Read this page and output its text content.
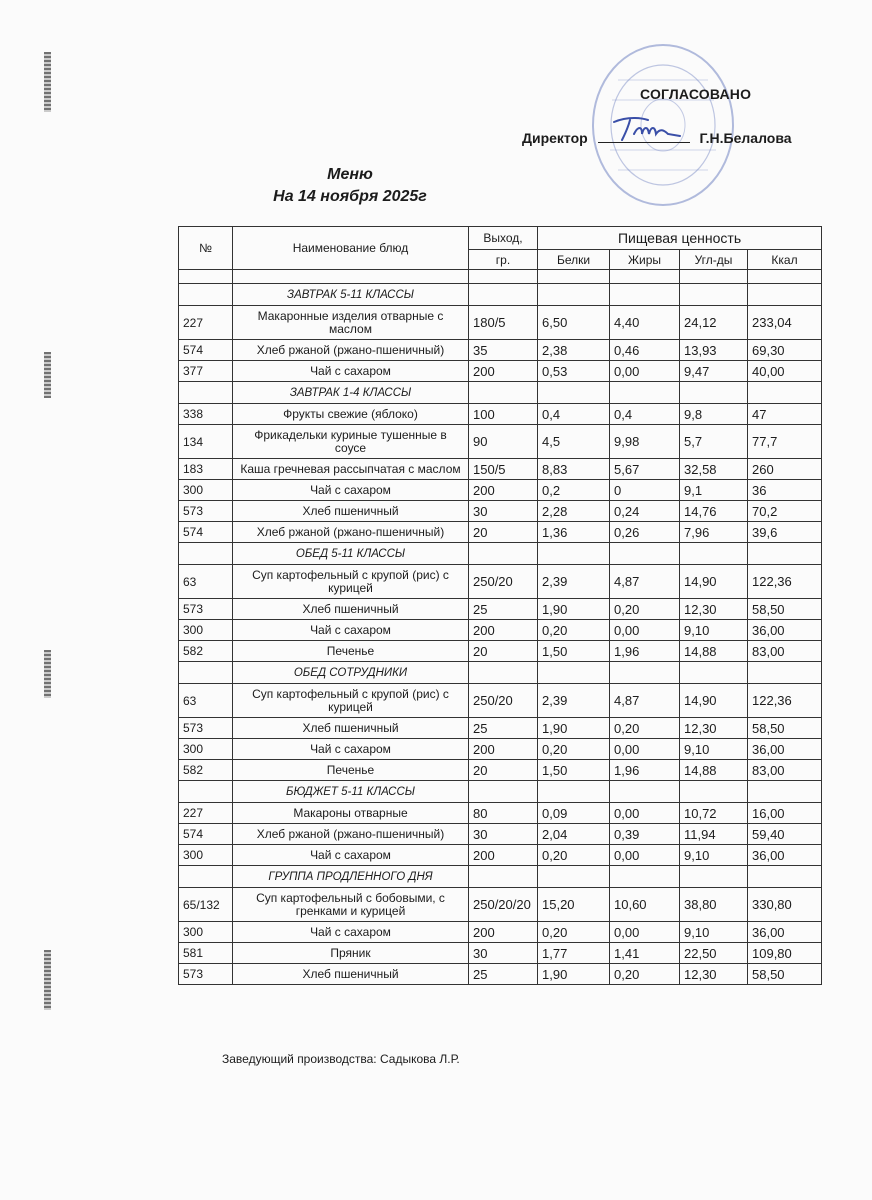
СОГЛАСОВАНО
Директор	Г.Н.Белалова
Меню
На 14 ноября 2025г
№	Наименование блюд	Выход,	Пищевая ценность			
		гр.	Белки	Жиры	Угл-ды	Ккал

	ЗАВТРАК 5-11 КЛАССЫ					
227	Макаронные изделия отварные с маслом	180/5	6,50	4,40	24,12	233,04
574	Хлеб ржаной (ржано-пшеничный)	35	2,38	0,46	13,93	69,30
377	Чай с сахаром	200	0,53	0,00	9,47	40,00
	ЗАВТРАК 1-4 КЛАССЫ					
338	Фрукты свежие (яблоко)	100	0,4	0,4	9,8	47
134	Фрикадельки куриные тушенные в соусе	90	4,5	9,98	5,7	77,7
183	Каша гречневая рассыпчатая с маслом	150/5	8,83	5,67	32,58	260
300	Чай с сахаром	200	0,2	0	9,1	36
573	Хлеб пшеничный	30	2,28	0,24	14,76	70,2
574	Хлеб ржаной (ржано-пшеничный)	20	1,36	0,26	7,96	39,6
	ОБЕД 5-11 КЛАССЫ					
63	Суп картофельный с крупой (рис) с курицей	250/20	2,39	4,87	14,90	122,36
573	Хлеб пшеничный	25	1,90	0,20	12,30	58,50
300	Чай с сахаром	200	0,20	0,00	9,10	36,00
582	Печенье	20	1,50	1,96	14,88	83,00
	ОБЕД СОТРУДНИКИ					
63	Суп картофельный с крупой (рис) с курицей	250/20	2,39	4,87	14,90	122,36
573	Хлеб пшеничный	25	1,90	0,20	12,30	58,50
300	Чай с сахаром	200	0,20	0,00	9,10	36,00
582	Печенье	20	1,50	1,96	14,88	83,00
	БЮДЖЕТ 5-11 КЛАССЫ					
227	Макароны отварные	80	0,09	0,00	10,72	16,00
574	Хлеб ржаной (ржано-пшеничный)	30	2,04	0,39	11,94	59,40
300	Чай с сахаром	200	0,20	0,00	9,10	36,00
	ГРУППА ПРОДЛЕННОГО ДНЯ					
65/132	Суп картофельный с бобовыми, с гренками и курицей	250/20/20	15,20	10,60	38,80	330,80
300	Чай с сахаром	200	0,20	0,00	9,10	36,00
581	Пряник	30	1,77	1,41	22,50	109,80
573	Хлеб пшеничный	25	1,90	0,20	12,30	58,50
Заведующий производства: Садыкова Л.Р.
